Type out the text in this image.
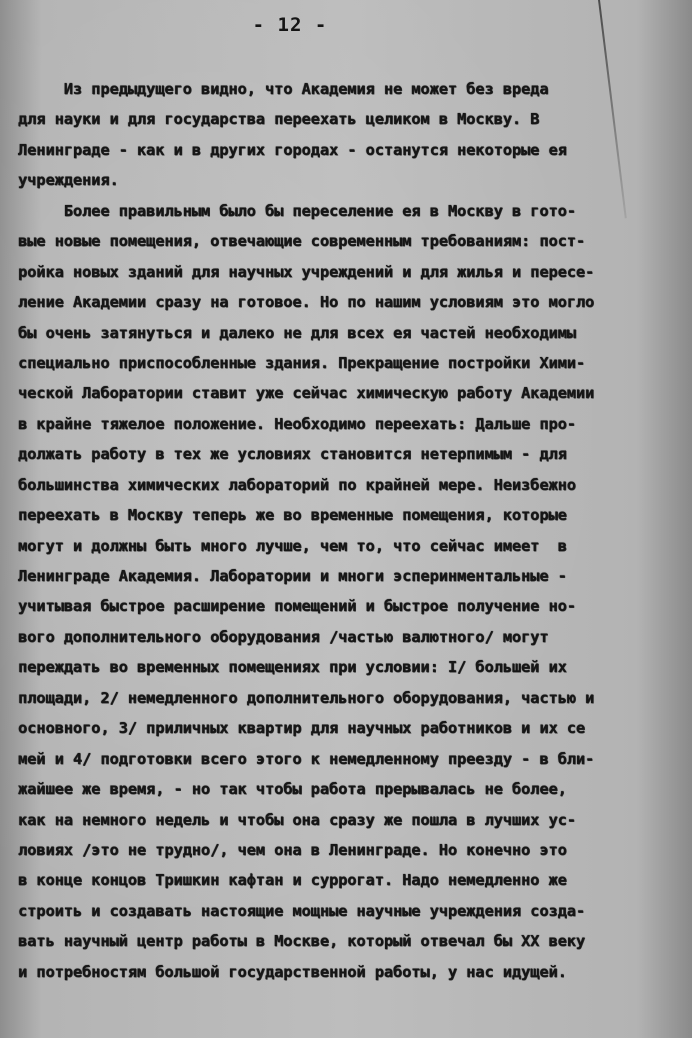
- 12 -
Из предыдущего видно, что Академия не может без вреда
для науки и для государства переехать целиком в Москву. В
Ленинграде - как и в других городах - останутся некоторые ея
учреждения.
Более правильным было бы переселение ея в Москву в гото-
вые новые помещения, отвечающие современным требованиям: пост-
ройка новых зданий для научных учреждений и для жилья и пересе-
ление Академии сразу на готовое. Но по нашим условиям это могло
бы очень затянуться и далеко не для всех ея частей необходимы
специально приспособленные здания. Прекращение постройки Хими-
ческой Лаборатории ставит уже сейчас химическую работу Академии
в крайне тяжелое положение. Необходимо переехать: Дальше про-
должать работу в тех же условиях становится нетерпимым - для
большинства химических лабораторий по крайней мере. Неизбежно
переехать в Москву теперь же во временные помещения, которые
могут и должны быть много лучше, чем то, что сейчас имеет  в
Ленинграде Академия. Лаборатории и многи эсперинментальные -
учитывая быстрое расширение помещений и быстрое получение но-
вого дополнительного оборудования /частью валютного/ могут
переждать во временных помещениях при условии: I/ большей их
площади, 2/ немедленного дополнительного оборудования, частью и
основного, 3/ приличных квартир для научных работников и их се
мей и 4/ подготовки всего этого к немедленному преезду - в бли-
жайшее же время, - но так чтобы работа прерывалась не более,
как на немного недель и чтобы она сразу же пошла в лучших ус-
ловиях /это не трудно/, чем она в Ленинграде. Но конечно это
в конце концов Тришкин кафтан и суррогат. Надо немедленно же
строить и создавать настоящие мощные научные учреждения созда-
вать научный центр работы в Москве, который отвечал бы XX веку
и потребностям большой государственной работы, у нас идущей.
